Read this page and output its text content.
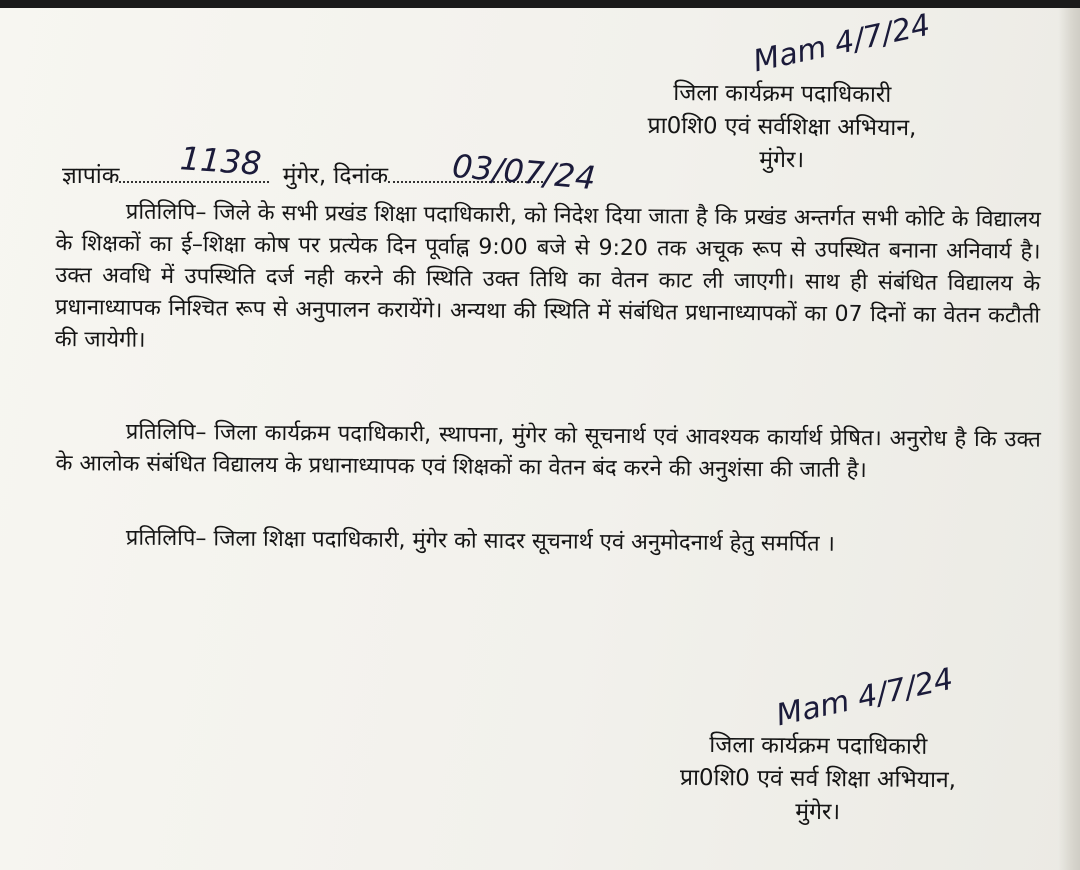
Mam 4/7/24
जिला कार्यक्रम पदाधिकारी
प्रा0शि0 एवं सर्वशिक्षा अभियान,
मुंगेर।
ज्ञापांक	मुंगेर, दिनांक
1138	03/07/24
प्रतिलिपि– जिले के सभी प्रखंड शिक्षा पदाधिकारी, को निदेश दिया जाता है कि प्रखंड अन्तर्गत सभी कोटि के विद्यालय के शिक्षकों का ई–शिक्षा कोष पर प्रत्येक दिन पूर्वाह्न 9:00 बजे से 9:20 तक अचूक रूप से उपस्थित बनाना अनिवार्य है। उक्त अवधि में उपस्थिति दर्ज नही करने की स्थिति उक्त तिथि का वेतन काट ली जाएगी। साथ ही संबंधित विद्यालय के प्रधानाध्यापक निश्चित रूप से अनुपालन करायेंगे। अन्यथा की स्थिति में संबंधित प्रधानाध्यापकों का 07 दिनों का वेतन कटौती की जायेगी।
प्रतिलिपि– जिला कार्यक्रम पदाधिकारी, स्थापना, मुंगेर को सूचनार्थ एवं आवश्यक कार्यार्थ प्रेषित। अनुरोध है कि उक्त के आलोक संबंधित विद्यालय के प्रधानाध्यापक एवं शिक्षकों का वेतन बंद करने की अनुशंसा की जाती है।
प्रतिलिपि– जिला शिक्षा पदाधिकारी, मुंगेर को सादर सूचनार्थ एवं अनुमोदनार्थ हेतु समर्पित ।
Mam 4/7/24
जिला कार्यक्रम पदाधिकारी
प्रा0शि0 एवं सर्व शिक्षा अभियान,
मुंगेर।
